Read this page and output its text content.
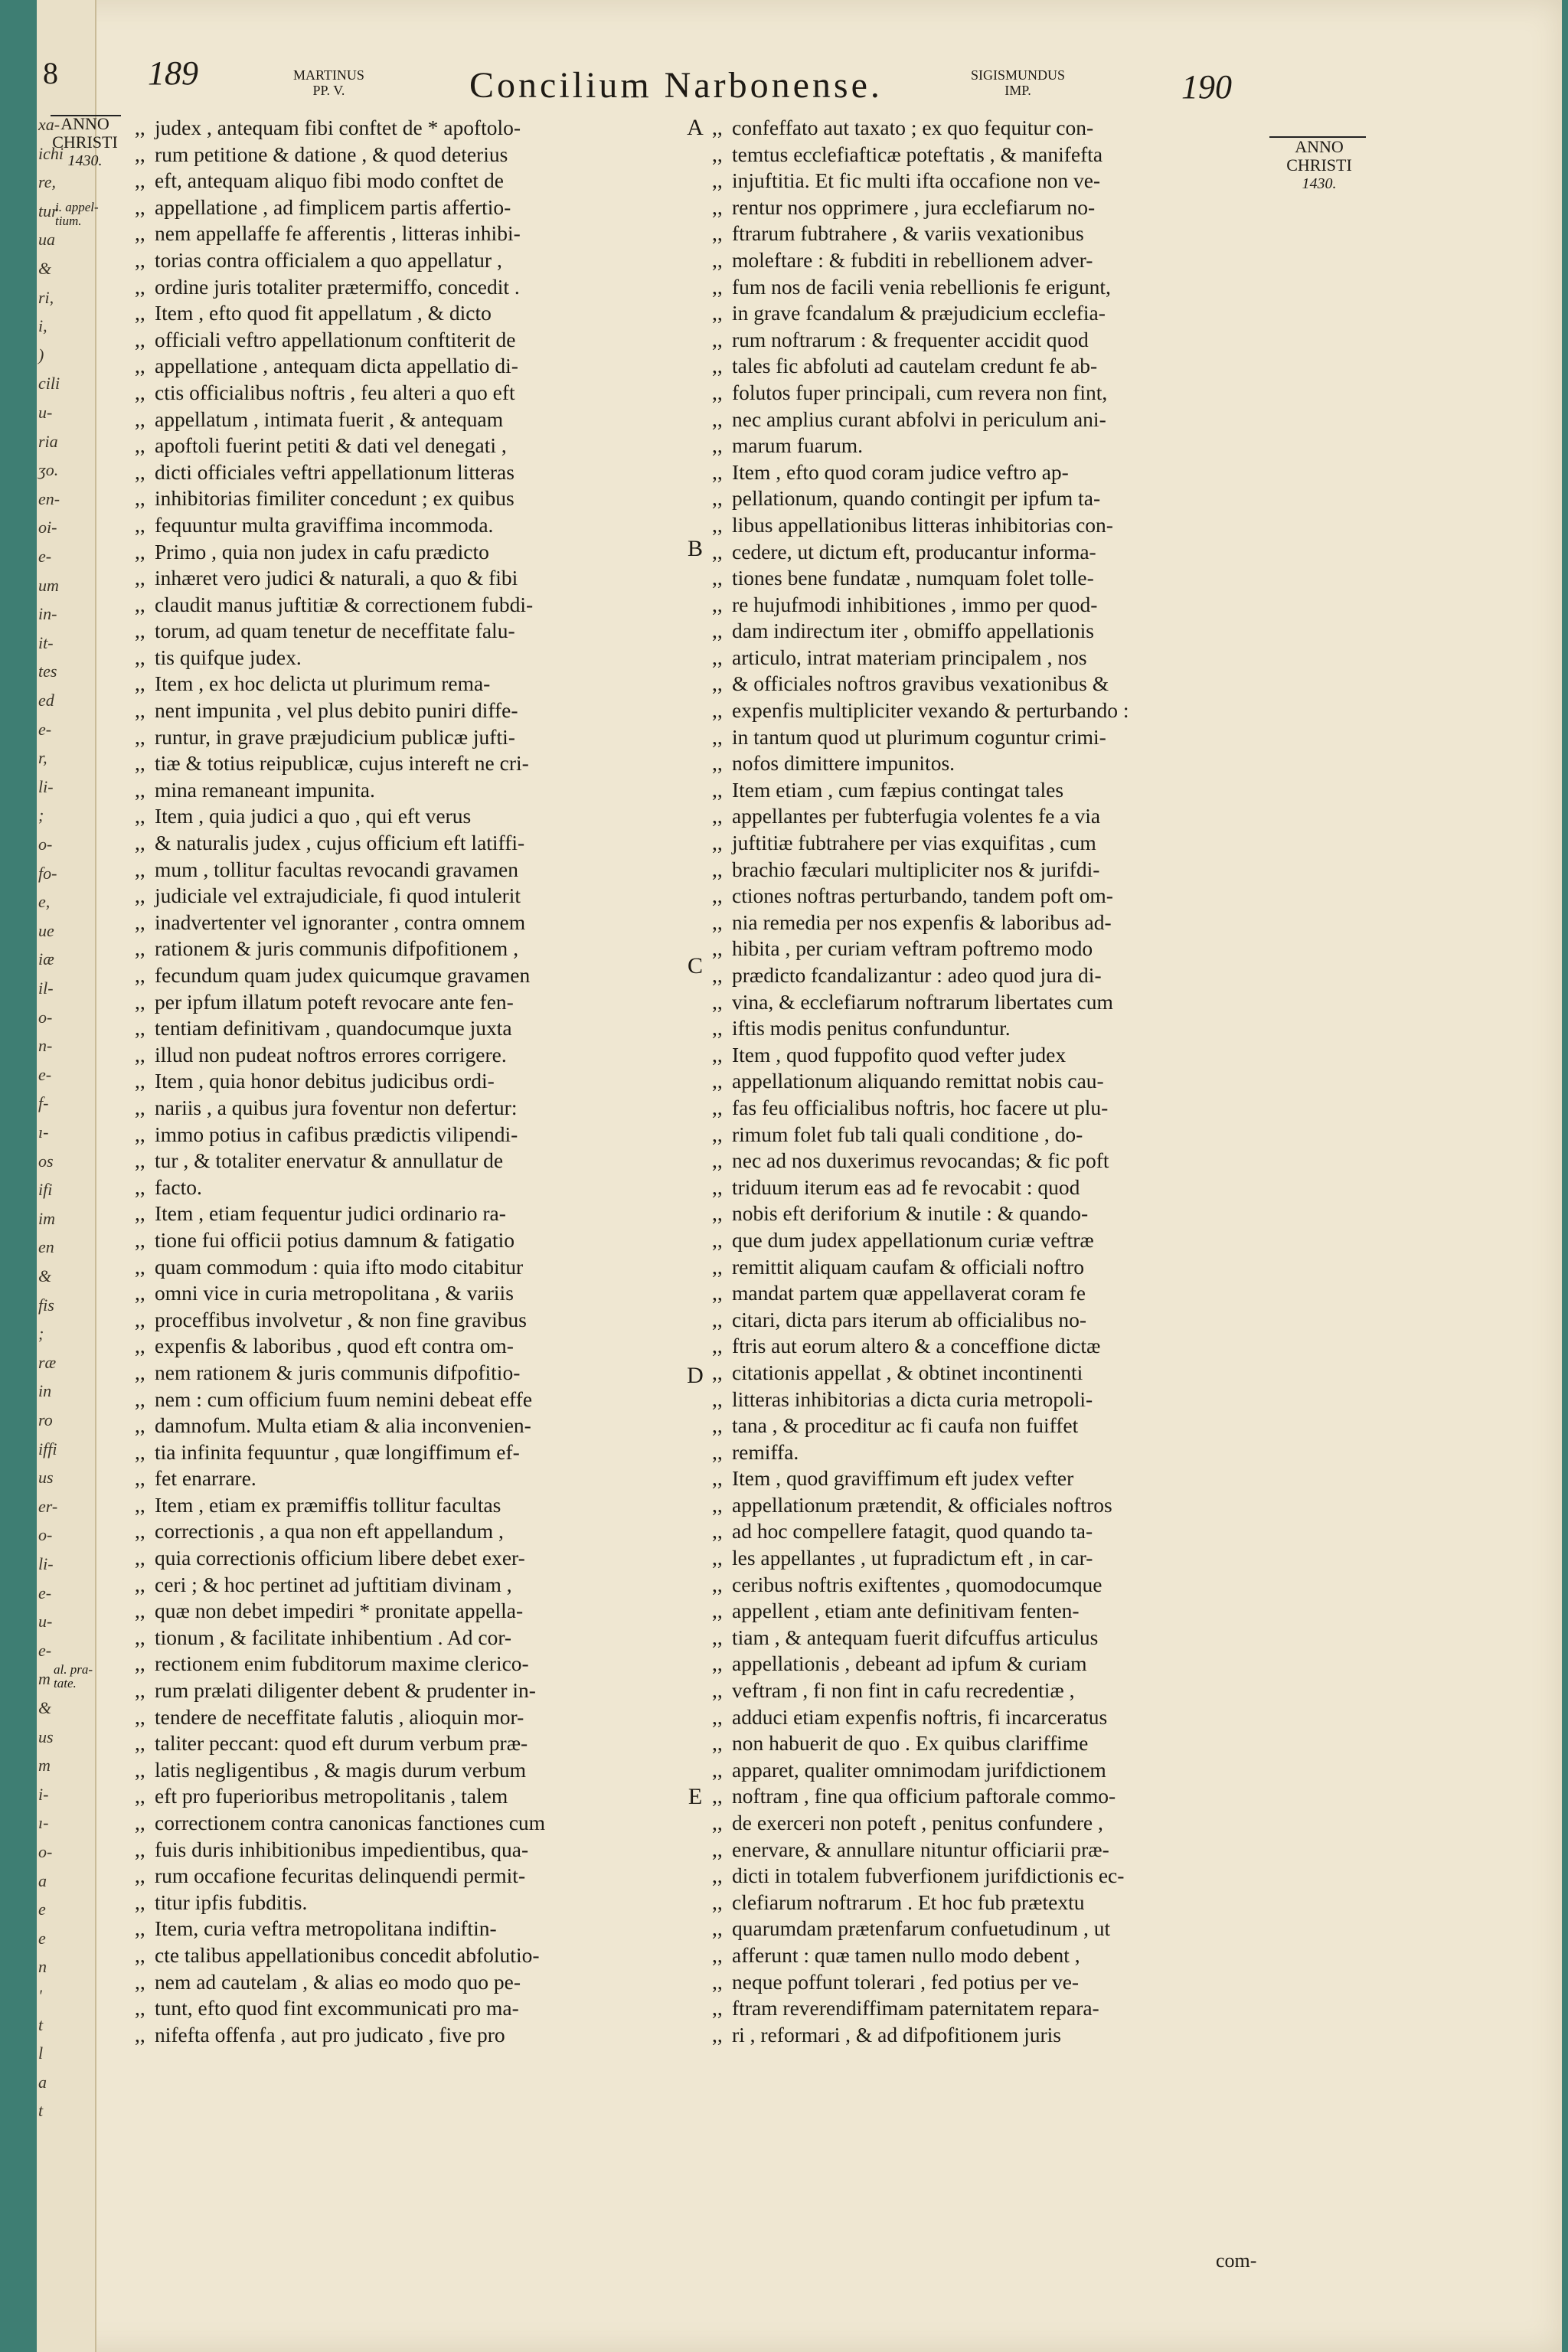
8
xa-
ichi
re,
tur
ua
&
ri,
i,
)
cili
u-
ria
ʒo.
en-
oi-
e-
um
in-
it-
tes
ed
e-
r,
li-
;
o-
fo-
e,
ue
iæ
il-
o-
n-
e-
f-
ı-
os
ifi
im
en
&
fis
;
ræ
in
ro
iffi
us
er-
o-
li-
e-
u-
e-
m
&
us
m
i-
ı-
o-
a
e
e
n
'
t
l
a
t
189	MARTINUS
PP. V.	Concilium Narbonense.	SIGISMUNDUS
IMP.	190
ANNO
CHRISTI
1430.
ANNO
CHRISTI
1430.
i. appel-
tium.
al. pra-
tate.
,, judex , antequam fibi conftet de * apoftolo-
,, rum petitione & datione , & quod deterius
,, eft, antequam aliquo fibi modo conftet de
,, appellatione , ad fimplicem partis affertio-
,, nem appellaffe fe afferentis , litteras inhibi-
,, torias contra officialem a quo appellatur ,
,, ordine juris totaliter prætermiffo, concedit .
,, Item , efto quod fit appellatum , & dicto
,, officiali veftro appellationum conftiterit de
,, appellatione , antequam dicta appellatio di-
,, ctis officialibus noftris , feu alteri a quo eft
,, appellatum , intimata fuerit , & antequam
,, apoftoli fuerint petiti & dati vel denegati ,
,, dicti officiales veftri appellationum litteras
,, inhibitorias fimiliter concedunt ; ex quibus
,, fequuntur multa graviffima incommoda.
,, Primo , quia non judex in cafu prædicto
,, inhæret vero judici & naturali, a quo & fibi
,, claudit manus juftitiæ & correctionem fubdi-
,, torum, ad quam tenetur de neceffitate falu-
,, tis quifque judex.
,, Item , ex hoc delicta ut plurimum rema-
,, nent impunita , vel plus debito puniri diffe-
,, runtur, in grave præjudicium publicæ jufti-
,, tiæ & totius reipublicæ, cujus intereft ne cri-
,, mina remaneant impunita.
,, Item , quia judici a quo , qui eft verus
,, & naturalis judex , cujus officium eft latiffi-
,, mum , tollitur facultas revocandi gravamen
,, judiciale vel extrajudiciale, fi quod intulerit
,, inadvertenter vel ignoranter , contra omnem
,, rationem & juris communis difpofitionem ,
,, fecundum quam judex quicumque gravamen
,, per ipfum illatum poteft revocare ante fen-
,, tentiam definitivam , quandocumque juxta
,, illud non pudeat noftros errores corrigere.
,, Item , quia honor debitus judicibus ordi-
,, nariis , a quibus jura foventur non defertur:
,, immo potius in cafibus prædictis vilipendi-
,, tur , & totaliter enervatur & annullatur de
,, facto.
,, Item , etiam fequentur judici ordinario ra-
,, tione fui officii potius damnum & fatigatio
,, quam commodum : quia ifto modo citabitur
,, omni vice in curia metropolitana , & variis
,, proceffibus involvetur , & non fine gravibus
,, expenfis & laboribus , quod eft contra om-
,, nem rationem & juris communis difpofitio-
,, nem : cum officium fuum nemini debeat effe
,, damnofum. Multa etiam & alia inconvenien-
,, tia infinita fequuntur , quæ longiffimum ef-
,, fet enarrare.
,, Item , etiam ex præmiffis tollitur facultas
,, correctionis , a qua non eft appellandum ,
,, quia correctionis officium libere debet exer-
,, ceri ; & hoc pertinet ad juftitiam divinam ,
,, quæ non debet impediri * pronitate appella-
,, tionum , & facilitate inhibentium . Ad cor-
,, rectionem enim fubditorum maxime clerico-
,, rum prælati diligenter debent & prudenter in-
,, tendere de neceffitate falutis , alioquin mor-
,, taliter peccant: quod eft durum verbum præ-
,, latis negligentibus , & magis durum verbum
,, eft pro fuperioribus metropolitanis , talem
,, correctionem contra canonicas fanctiones cum
,, fuis duris inhibitionibus impedientibus, qua-
,, rum occafione fecuritas delinquendi permit-
,, titur ipfis fubditis.
,, Item, curia veftra metropolitana indiftin-
,, cte talibus appellationibus concedit abfolutio-
,, nem ad cautelam , & alias eo modo quo pe-
,, tunt, efto quod fint excommunicati pro ma-
,, nifefta offenfa , aut pro judicato , five pro
,, confeffato aut taxato ; ex quo fequitur con-
,, temtus ecclefiafticæ poteftatis , & manifefta
,, injuftitia. Et fic multi ifta occafione non ve-
,, rentur nos opprimere , jura ecclefiarum no-
,, ftrarum fubtrahere , & variis vexationibus
,, moleftare : & fubditi in rebellionem adver-
,, fum nos de facili venia rebellionis fe erigunt,
,, in grave fcandalum & præjudicium ecclefia-
,, rum noftrarum : & frequenter accidit quod
,, tales fic abfoluti ad cautelam credunt fe ab-
,, folutos fuper principali, cum revera non fint,
,, nec amplius curant abfolvi in periculum ani-
,, marum fuarum.
,, Item , efto quod coram judice veftro ap-
,, pellationum, quando contingit per ipfum ta-
,, libus appellationibus litteras inhibitorias con-
,, cedere, ut dictum eft, producantur informa-
,, tiones bene fundatæ , numquam folet tolle-
,, re hujufmodi inhibitiones , immo per quod-
,, dam indirectum iter , obmiffo appellationis
,, articulo, intrat materiam principalem , nos
,, & officiales noftros gravibus vexationibus &
,, expenfis multipliciter vexando & perturbando :
,, in tantum quod ut plurimum coguntur crimi-
,, nofos dimittere impunitos.
,, Item etiam , cum fæpius contingat tales
,, appellantes per fubterfugia volentes fe a via
,, juftitiæ fubtrahere per vias exquifitas , cum
,, brachio fæculari multipliciter nos & jurifdi-
,, ctiones noftras perturbando, tandem poft om-
,, nia remedia per nos expenfis & laboribus ad-
,, hibita , per curiam veftram poftremo modo
,, prædicto fcandalizantur : adeo quod jura di-
,, vina, & ecclefiarum noftrarum libertates cum
,, iftis modis penitus confunduntur.
,, Item , quod fuppofito quod vefter judex
,, appellationum aliquando remittat nobis cau-
,, fas feu officialibus noftris, hoc facere ut plu-
,, rimum folet fub tali quali conditione , do-
,, nec ad nos duxerimus revocandas; & fic poft
,, triduum iterum eas ad fe revocabit : quod
,, nobis eft deriforium & inutile : & quando-
,, que dum judex appellationum curiæ veftræ
,, remittit aliquam caufam & officiali noftro
,, mandat partem quæ appellaverat coram fe
,, citari, dicta pars iterum ab officialibus no-
,, ftris aut eorum altero & a conceffione dictæ
,, citationis appellat , & obtinet incontinenti
,, litteras inhibitorias a dicta curia metropoli-
,, tana , & proceditur ac fi caufa non fuiffet
,, remiffa.
,, Item , quod graviffimum eft judex vefter
,, appellationum prætendit, & officiales noftros
,, ad hoc compellere fatagit, quod quando ta-
,, les appellantes , ut fupradictum eft , in car-
,, ceribus noftris exiftentes , quomodocumque
,, appellent , etiam ante definitivam fenten-
,, tiam , & antequam fuerit difcuffus articulus
,, appellationis , debeant ad ipfum & curiam
,, veftram , fi non fint in cafu recredentiæ ,
,, adduci etiam expenfis noftris, fi incarceratus
,, non habuerit de quo . Ex quibus clariffime
,, apparet, qualiter omnimodam jurifdictionem
,, noftram , fine qua officium paftorale commo-
,, de exerceri non poteft , penitus confundere ,
,, enervare, & annullare nituntur officiarii præ-
,, dicti in totalem fubverfionem jurifdictionis ec-
,, clefiarum noftrarum . Et hoc fub prætextu
,, quarumdam prætenfarum confuetudinum , ut
,, afferunt : quæ tamen nullo modo debent ,
,, neque poffunt tolerari , fed potius per ve-
,, ftram reverendiffimam paternitatem repara-
,, ri , reformari , & ad difpofitionem juris
A
B
C
D
E
com-
